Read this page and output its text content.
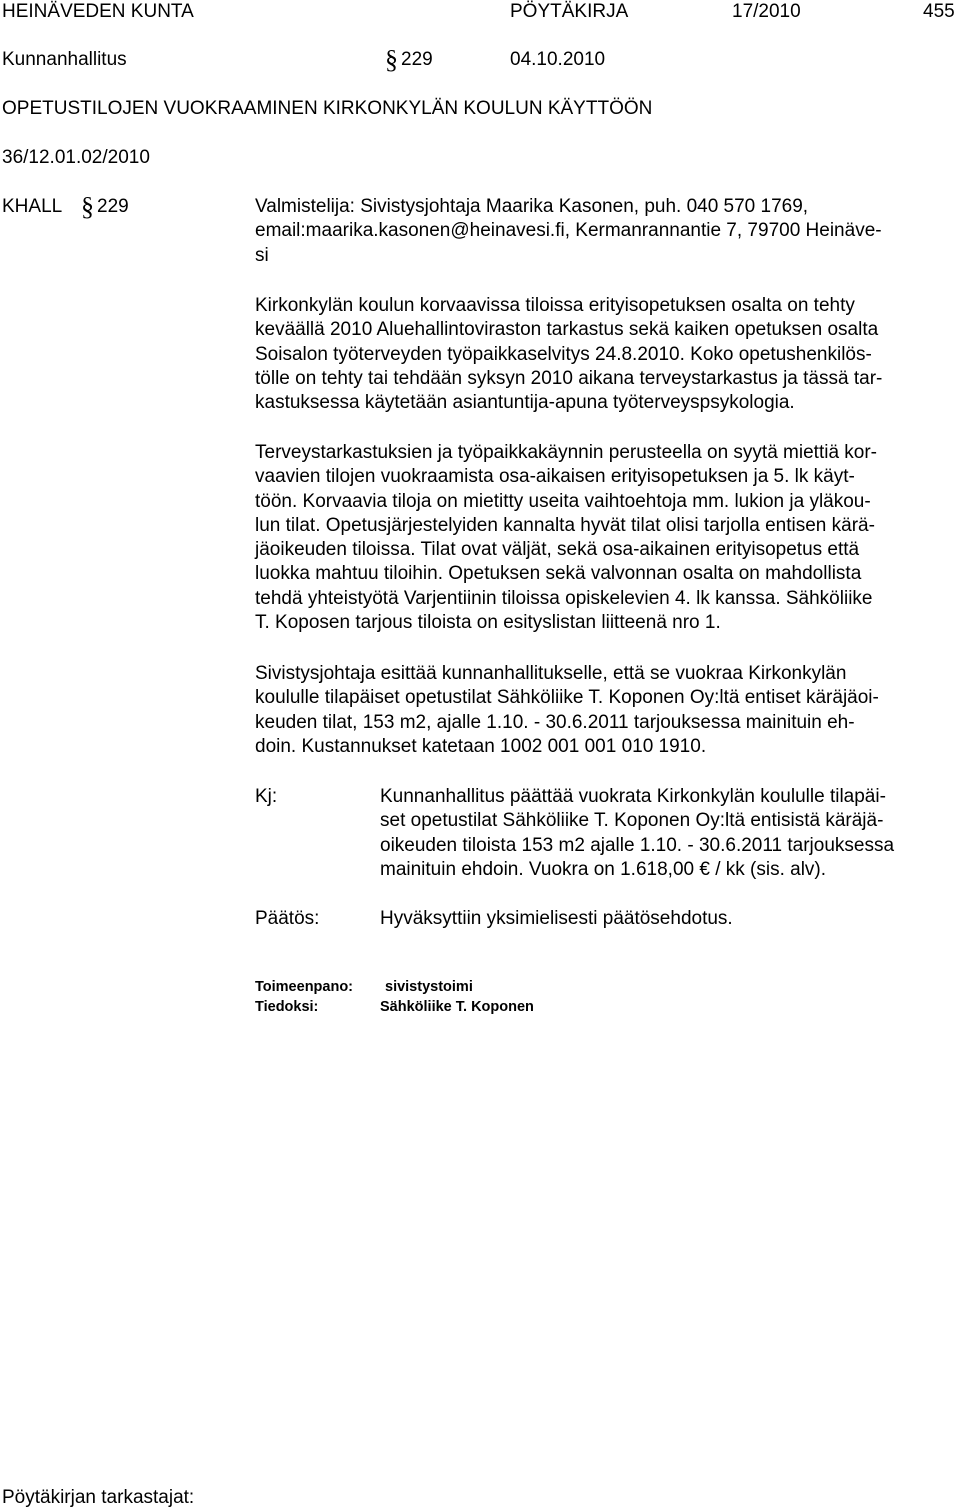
HEINÄVEDEN KUNTA	PÖYTÄKIRJA	17/2010	455
Kunnanhallitus	§ 229	04.10.2010
OPETUSTILOJEN VUOKRAAMINEN KIRKONKYLÄN KOULUN KÄYTTÖÖN
36/12.01.02/2010
KHALL § 229	Valmistelija: Sivistysjohtaja Maarika Kasonen, puh. 040 570 1769,
email:maarika.kasonen@heinavesi.fi, Kermanrannantie 7, 79700 Heinäve-
si
Kirkonkylän koulun korvaavissa tiloissa erityisopetuksen osalta on tehty
keväällä 2010 Aluehallintoviraston tarkastus sekä kaiken opetuksen osalta
Soisalon työterveyden työpaikkaselvitys 24.8.2010. Koko opetushenkilös-
tölle on tehty tai tehdään syksyn 2010 aikana terveystarkastus ja tässä tar-
kastuksessa käytetään asiantuntija-apuna työterveyspsykologia.
Terveystarkastuksien ja työpaikkakäynnin perusteella on syytä miettiä kor-
vaavien tilojen vuokraamista osa-aikaisen erityisopetuksen ja 5. lk käyt-
töön. Korvaavia tiloja on mietitty useita vaihtoehtoja mm. lukion ja yläkou-
lun tilat. Opetusjärjestelyiden kannalta hyvät tilat olisi tarjolla entisen kärä-
jäoikeuden tiloissa. Tilat ovat väljät, sekä osa-aikainen erityisopetus että
luokka mahtuu tiloihin. Opetuksen sekä valvonnan osalta on mahdollista
tehdä yhteistyötä Varjentiinin tiloissa opiskelevien 4. lk kanssa. Sähköliike
T. Koposen tarjous tiloista on esityslistan liitteenä nro 1.
Sivistysjohtaja esittää kunnanhallitukselle, että se vuokraa Kirkonkylän
koululle tilapäiset opetustilat Sähköliike T. Koponen Oy:ltä entiset käräjäoi-
keuden tilat, 153 m2, ajalle 1.10. - 30.6.2011 tarjouksessa mainituin eh-
doin. Kustannukset katetaan 1002 001 001 010 1910.
Kj:	Kunnanhallitus päättää vuokrata Kirkonkylän koululle tilapäi-
set opetustilat Sähköliike T. Koponen Oy:ltä entisistä käräjä-
oikeuden tiloista 153 m2 ajalle 1.10. - 30.6.2011 tarjouksessa
mainituin ehdoin. Vuokra on 1.618,00 € / kk (sis. alv).
Päätös:	Hyväksyttiin yksimielisesti päätösehdotus.
Toimeenpano: sivistystoimi
Tiedoksi:	Sähköliike T. Koponen
Pöytäkirjan tarkastajat:
